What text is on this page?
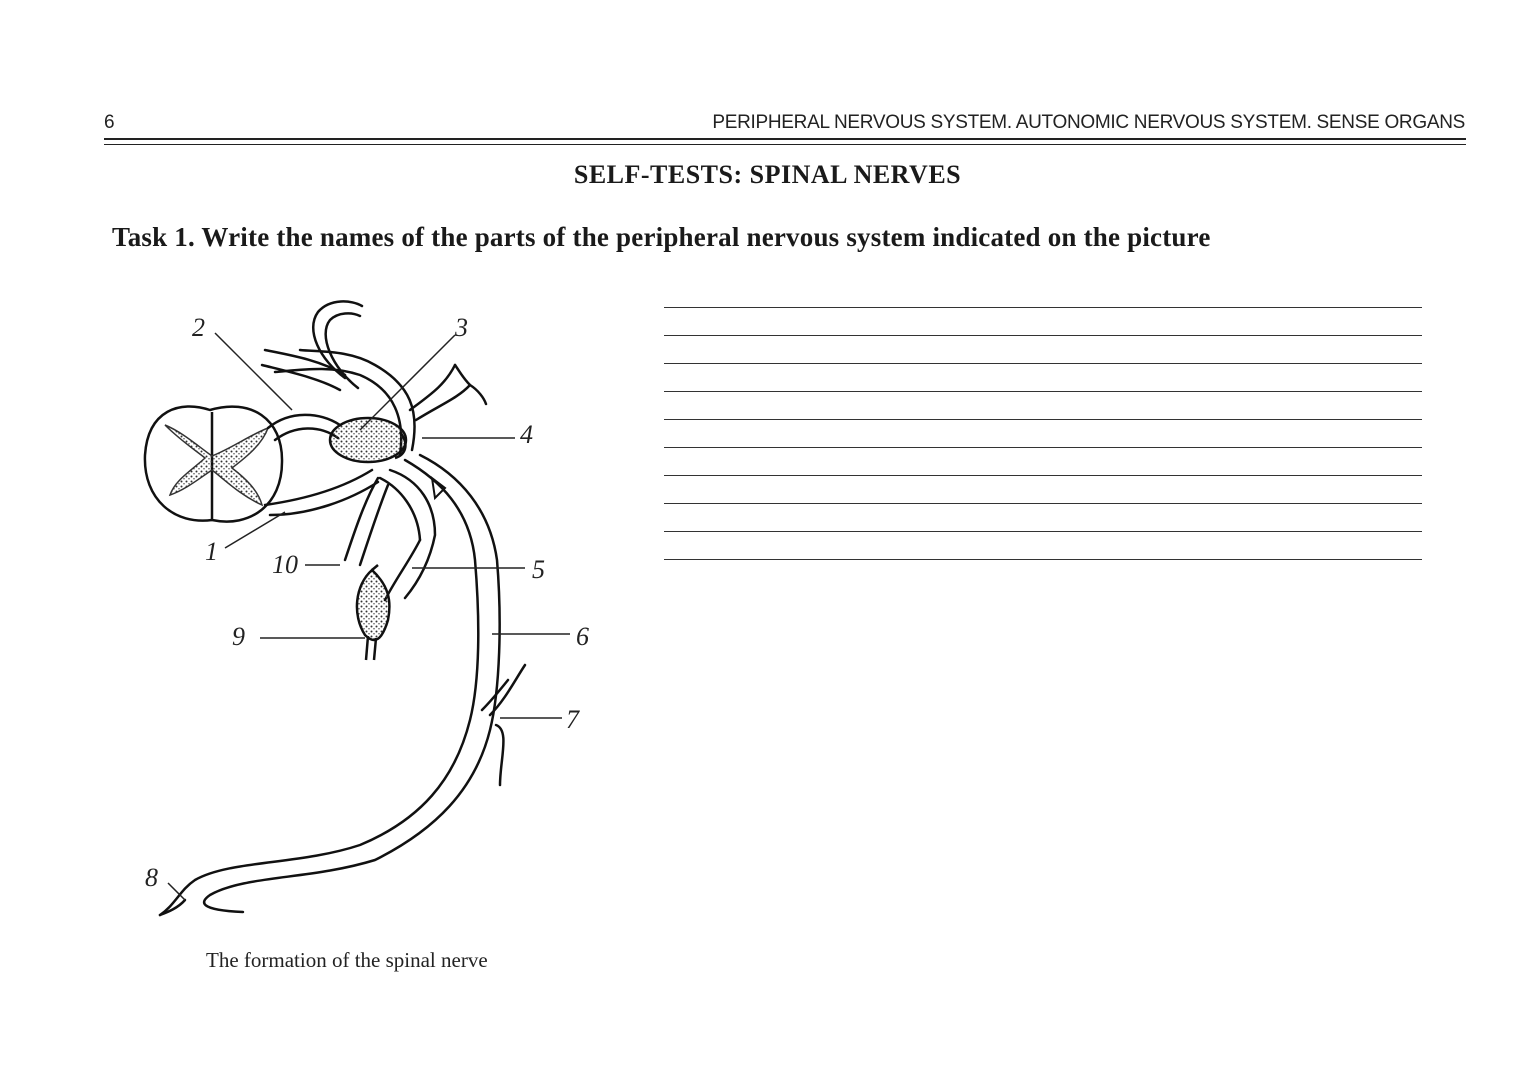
6	PERIPHERAL NERVOUS SYSTEM. AUTONOMIC NERVOUS SYSTEM. SENSE ORGANS
SELF-TESTS: SPINAL NERVES
Task 1. Write the names of the parts of the peripheral nervous system indicated on the picture
1
2	3
4
5
6
7
8
9
10
The formation of the spinal nerve
